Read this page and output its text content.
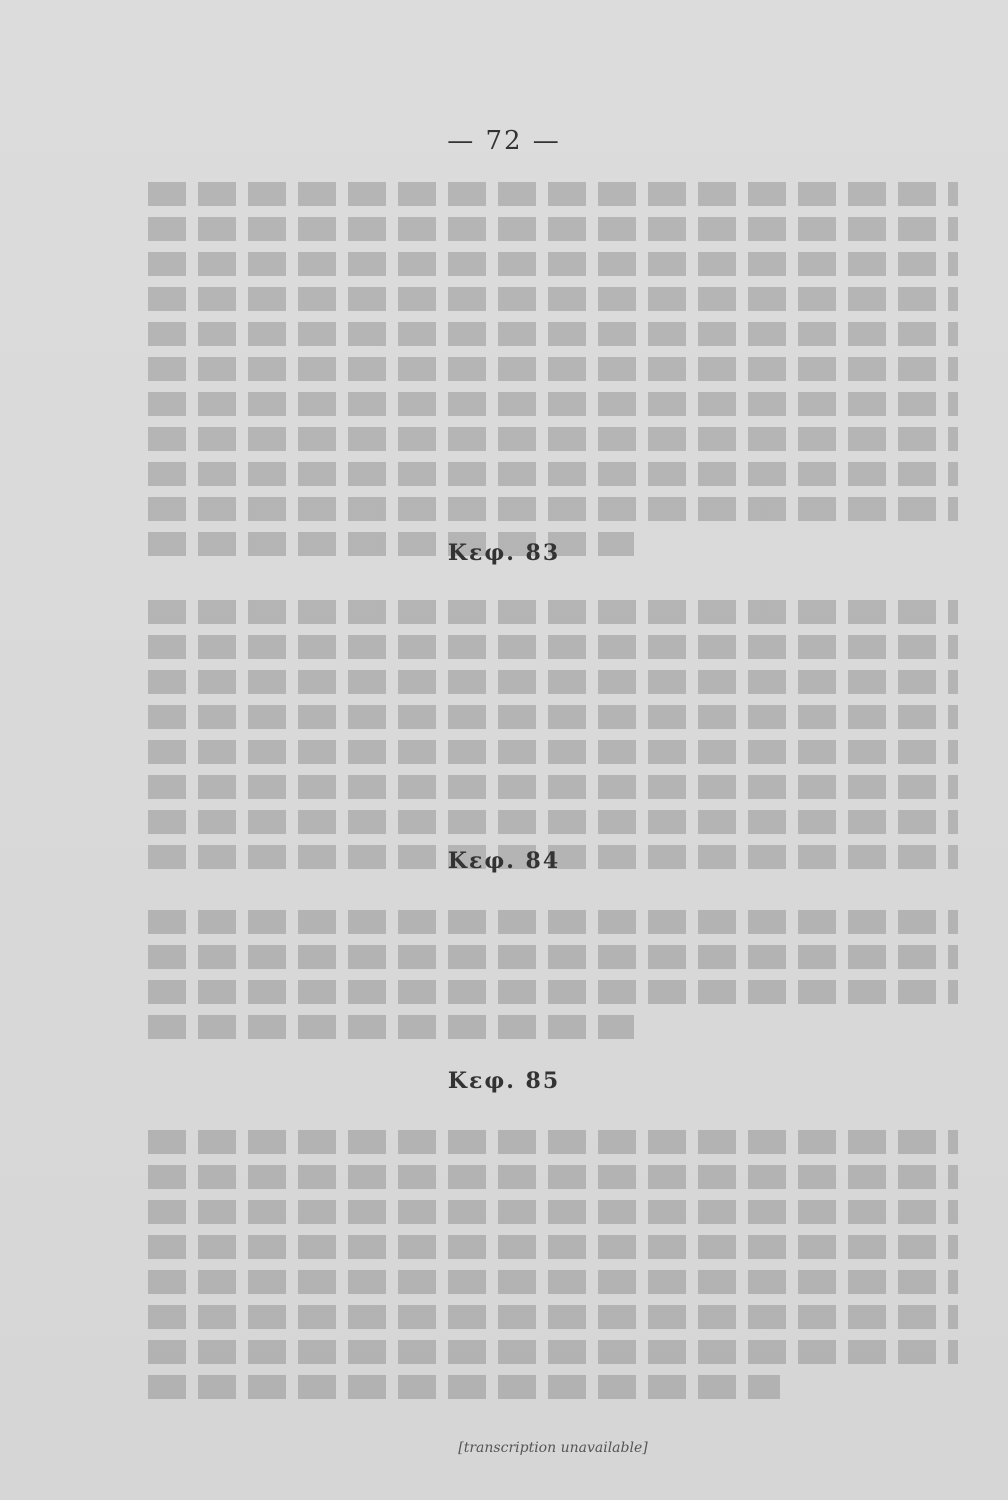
— 72 —
Κεφ. 83
Κεφ. 84
Κεφ. 85
[transcription unavailable]
